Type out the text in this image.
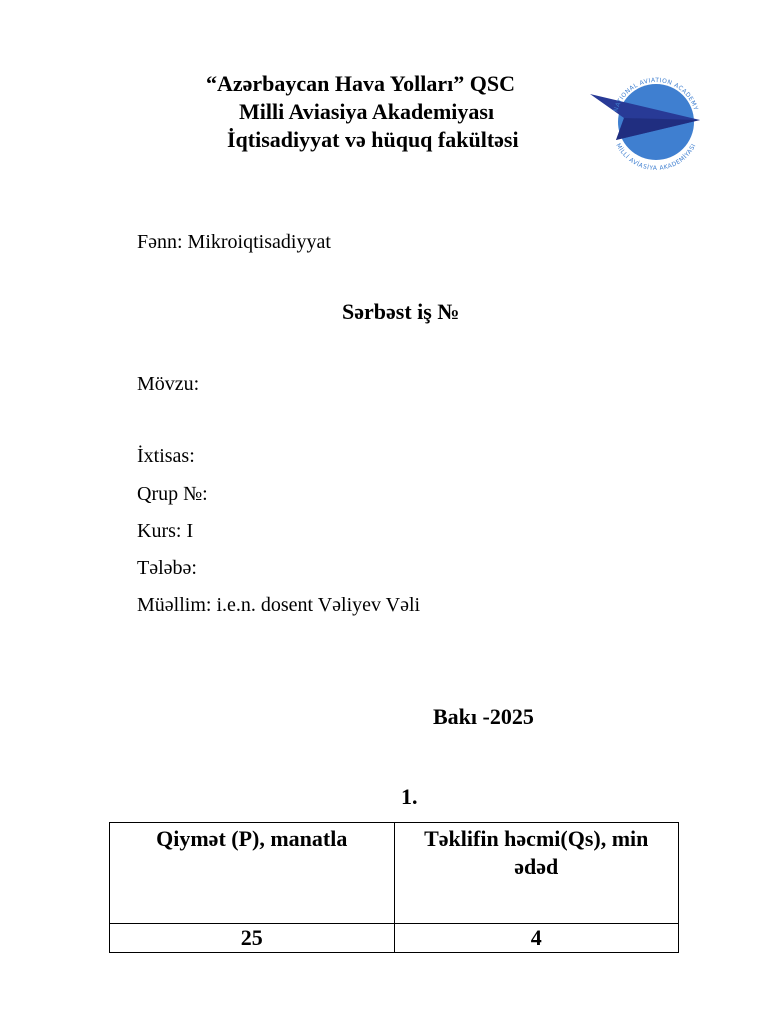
“Azərbaycan Hava Yolları” QSC
Milli Aviasiya Akademiyası
İqtisadiyyat və hüquq fakültəsi
NATIONAL AVIATION ACADEMY
MİLLİ AVİASİYA AKADEMİYASI
Fənn: Mikroiqtisadiyyat
Sərbəst iş №
Mövzu:
İxtisas:
Qrup №:
Kurs: I
Tələbə:
Müəllim: i.e.n. dosent Vəliyev Vəli
Bakı -2025
1.
Qiymət (P), manatla	Təklifin həcmi(Qs), min ədəd
25	4
